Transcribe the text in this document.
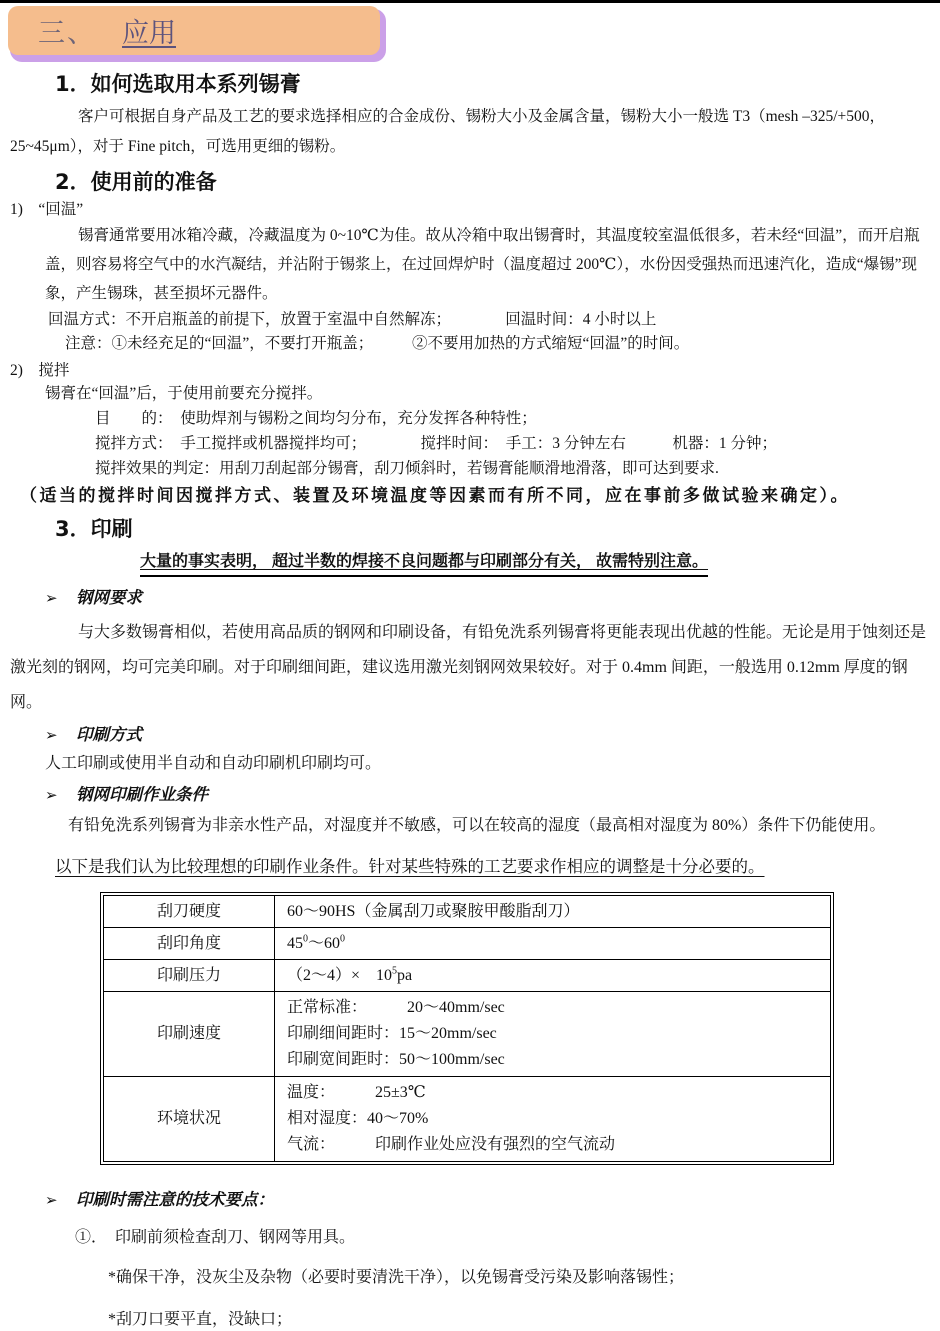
三、 应用
1．如何选取用本系列锡膏
客户可根据自身产品及工艺的要求选择相应的合金成份、锡粉大小及金属含量，锡粉大小一般选 T3（mesh –325/+500，25~45μm），对于 Fine pitch，可选用更细的锡粉。
2．使用前的准备
1)　“回温”
锡膏通常要用冰箱冷藏，冷藏温度为 0~10℃为佳。故从冷箱中取出锡膏时，其温度较室温低很多，若未经“回温”，而开启瓶盖，则容易将空气中的水汽凝结，并沾附于锡浆上，在过回焊炉时（温度超过 200℃），水份因受强热而迅速汽化，造成“爆锡”现象，产生锡珠，甚至损坏元器件。
回温方式：不开启瓶盖的前提下，放置于室温中自然解冻；　　　　回温时间：4 小时以上
注意：①未经充足的“回温”，不要打开瓶盖；　　　②不要用加热的方式缩短“回温”的时间。
2)　搅拌
锡膏在“回温”后，于使用前要充分搅拌。
目　　的：　使助焊剂与锡粉之间均匀分布，充分发挥各种特性；
搅拌方式：　手工搅拌或机器搅拌均可；　　　　搅拌时间：　手工：3 分钟左右　　　机器：1 分钟；
搅拌效果的判定：用刮刀刮起部分锡膏，刮刀倾斜时，若锡膏能顺滑地滑落，即可达到要求.
（适当的搅拌时间因搅拌方式、装置及环境温度等因素而有所不同，应在事前多做试验来确定）。
3．印刷
大量的事实表明， 超过半数的焊接不良问题都与印刷部分有关， 故需特别注意。
➢	钢网要求
与大多数锡膏相似，若使用高品质的钢网和印刷设备，有铅免洗系列锡膏将更能表现出优越的性能。无论是用于蚀刻还是激光刻的钢网，均可完美印刷。对于印刷细间距，建议选用激光刻钢网效果较好。对于 0.4mm 间距，一般选用 0.12mm 厚度的钢网。
➢	印刷方式
人工印刷或使用半自动和自动印刷机印刷均可。
➢	钢网印刷作业条件
有铅免洗系列锡膏为非亲水性产品，对湿度并不敏感，可以在较高的湿度（最高相对湿度为 80%）条件下仍能使用。
以下是我们认为比较理想的印刷作业条件。针对某些特殊的工艺要求作相应的调整是十分必要的。
刮刀硬度	60～90HS（金属刮刀或聚胺甲酸脂刮刀）
刮印角度	$45^0\sim 60^0$
印刷压力	（2～4）×　$10^5pa$
印刷速度	正常标准：　　　20～40mm/sec
印刷细间距时：15～20mm/sec
印刷宽间距时：50～100mm/sec

环境状况	温度：　　　25±3℃
相对湿度：40～70%
气流：　　　印刷作业处应没有强烈的空气流动
➢	印刷时需注意的技术要点：
①．　印刷前须检查刮刀、钢网等用具。
*确保干净，没灰尘及杂物（必要时要清洗干净），以免锡膏受污染及影响落锡性；
*刮刀口要平直，没缺口；
